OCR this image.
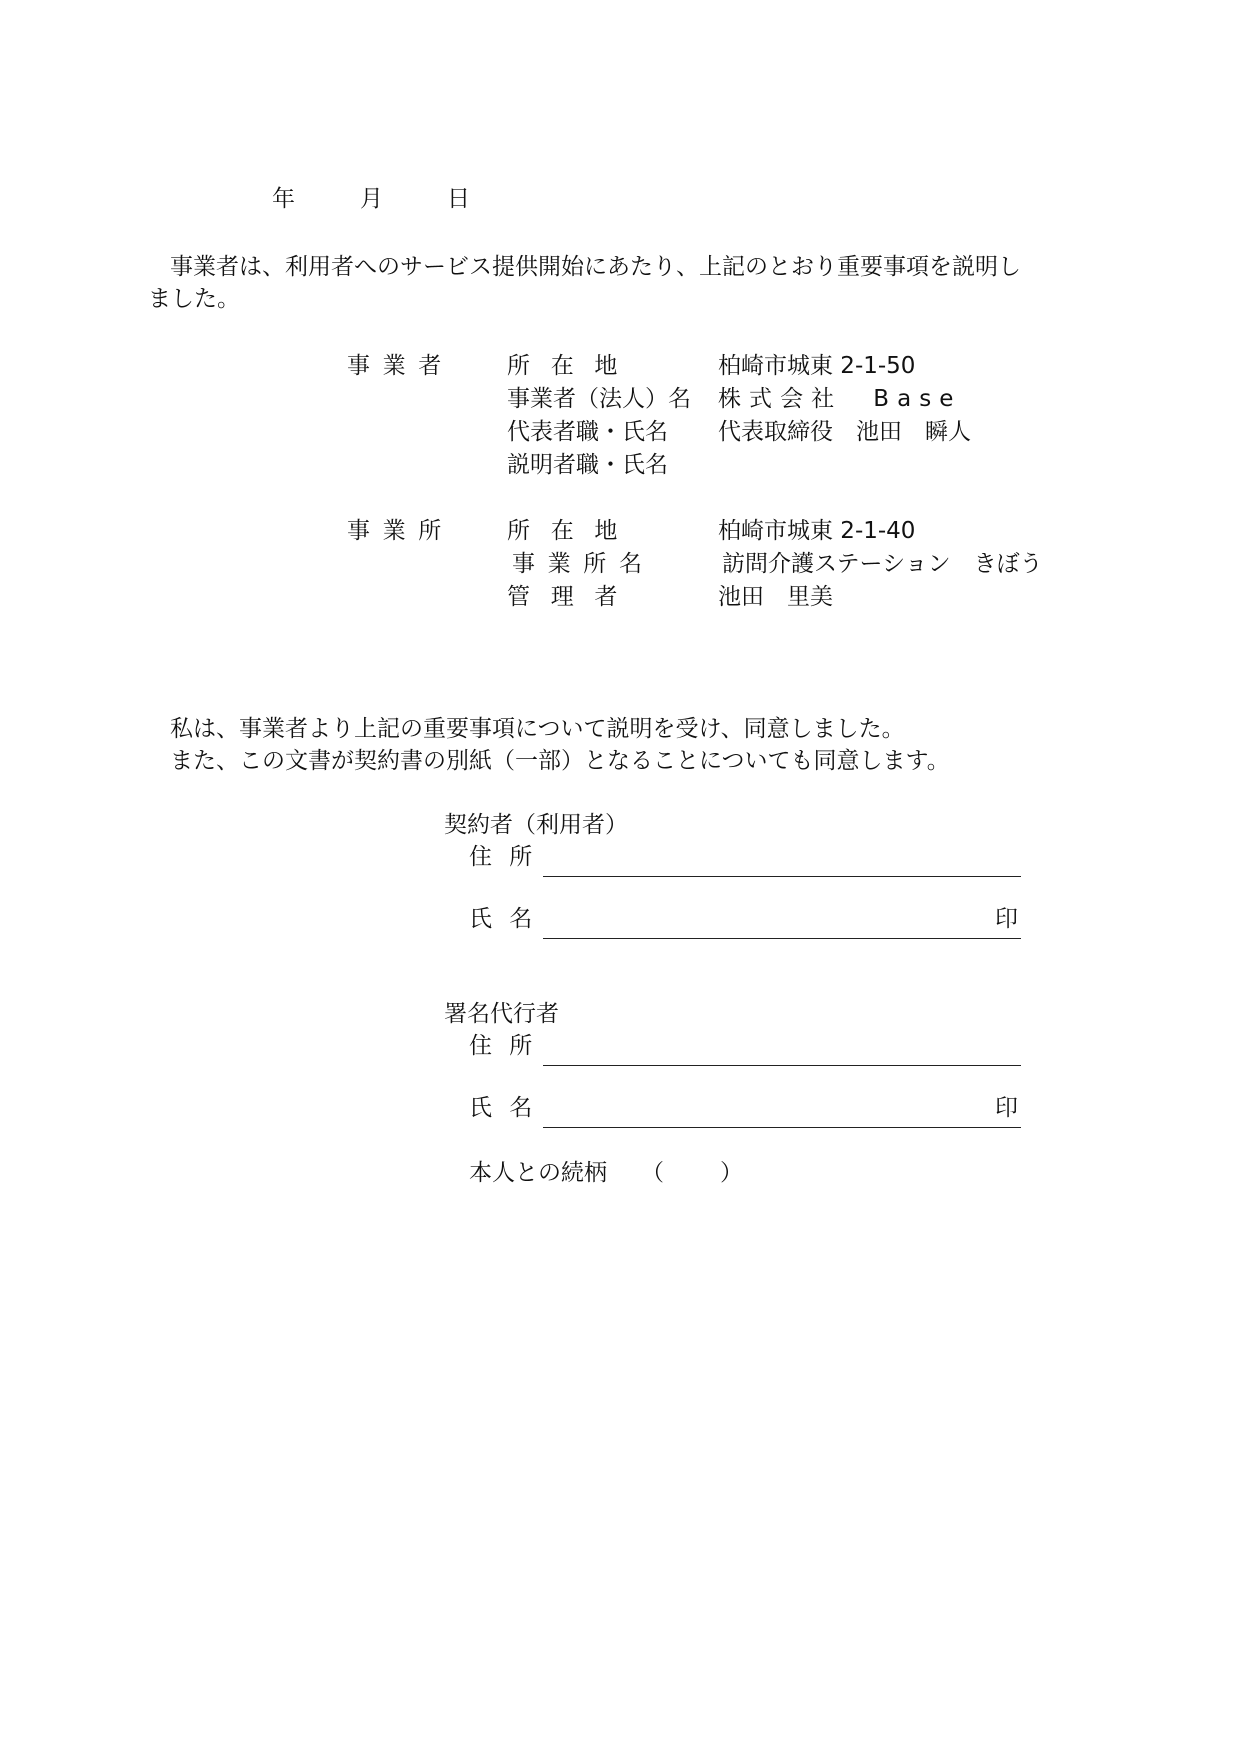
年	月	日
事業者は、利用者へのサービス提供開始にあたり、上記のとおり重要事項を説明し
ました。
事業者 所在地	柏崎市城東 2-1-50
事業者（法人）名 株式会社　Base
代表者職・氏名 代表取締役　池田　瞬人
説明者職・氏名
事業所 所在地	柏崎市城東 2-1-40
事業所名	訪問介護ステーション　きぼう
管理者	池田　里美
私は、事業者より上記の重要事項について説明を受け、同意しました。
また、この文書が契約書の別紙（一部）となることについても同意します。
契約者（利用者）
住所
氏名	印
署名代行者
住所
氏名	印
本人との続柄 （ ）
